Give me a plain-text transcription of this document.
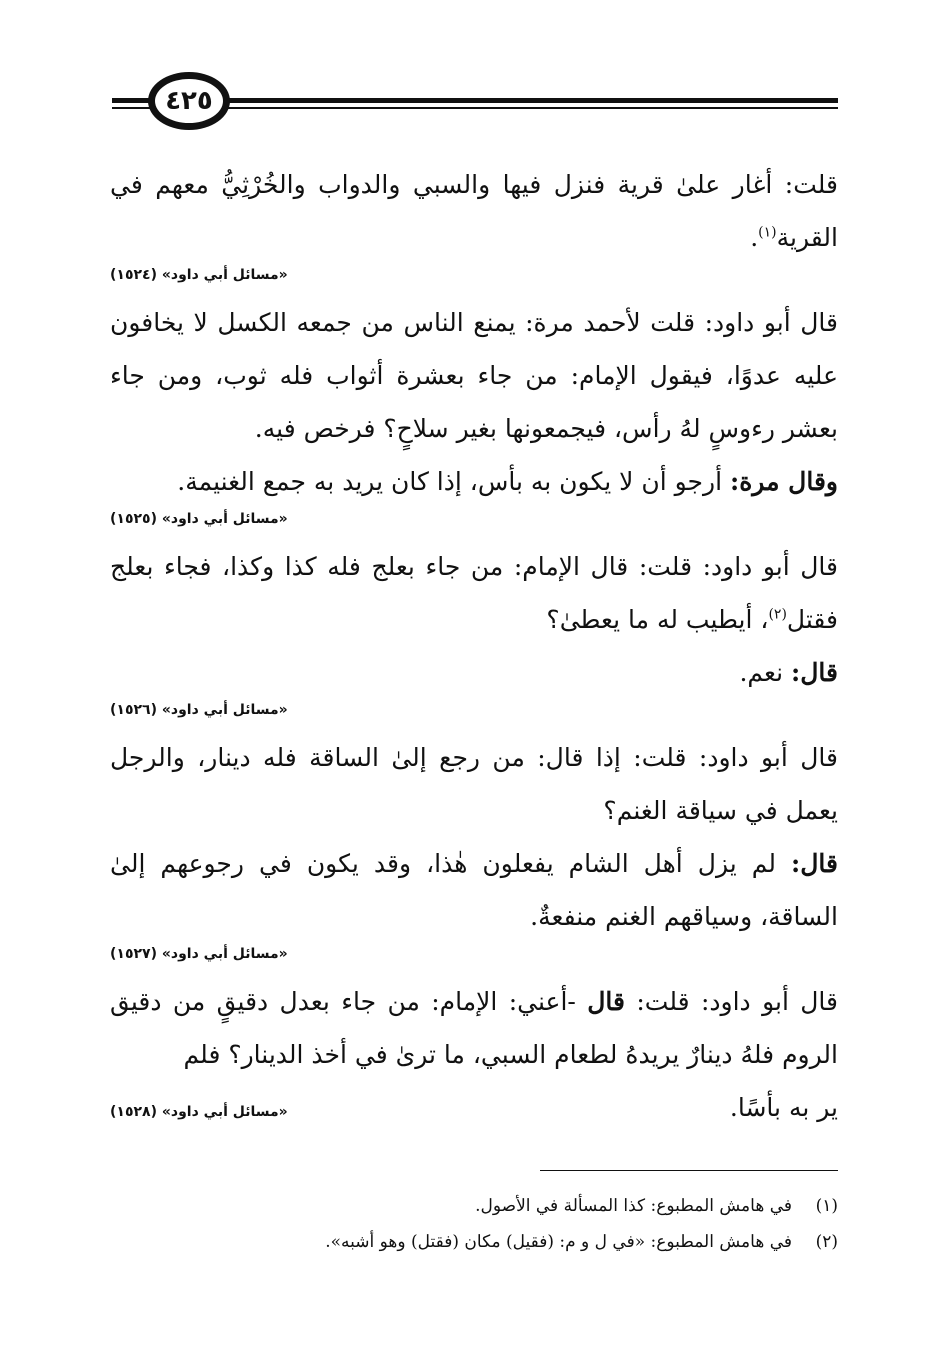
٤٢٥

قلت: أغار علىٰ قرية فنزل فيها والسبي والدواب والخُرْثِيُّ معهم في القرية$^{(١)}$.

«مسائل أبي داود» (١٥٢٤)

قال أبو داود: قلت لأحمد مرة: يمنع الناس من جمعه الكسل لا يخافون عليه عدوًا، فيقول الإمام: من جاء بعشرة أثواب فله ثوب، ومن جاء بعشر رءوسٍ لهُ رأس، فيجمعونها بغير سلاحٍ؟ فرخص فيه.

وقال مرة: أرجو أن لا يكون به بأس، إذا كان يريد به جمع الغنيمة.

«مسائل أبي داود» (١٥٢٥)

قال أبو داود: قلت: قال الإمام: من جاء بعلج فله كذا وكذا، فجاء بعلج فقتل$^{(٢)}$، أيطيب له ما يعطىٰ؟

قال: نعم.

«مسائل أبي داود» (١٥٢٦)

قال أبو داود: قلت: إذا قال: من رجع إلىٰ الساقة فله دينار، والرجل يعمل في سياقة الغنم؟

قال: لم يزل أهل الشام يفعلون هٰذا، وقد يكون في رجوعهم إلىٰ الساقة، وسياقهم الغنم منفعةٌ.

«مسائل أبي داود» (١٥٢٧)

قال أبو داود: قلت: قال -أعني: الإمام: من جاء بعدل دقيقٍ من دقيق الروم فلهُ دينارٌ يريدهُ لطعام السبي، ما ترىٰ في أخذ الدينار؟ فلم

ير به بأسًا.
«مسائل أبي داود» (١٥٢٨)

(١)في هامش المطبوع: كذا المسألة في الأصول.

(٢)في هامش المطبوع: «في ل و م: (فقيل) مكان (فقتل) وهو أشبه».
